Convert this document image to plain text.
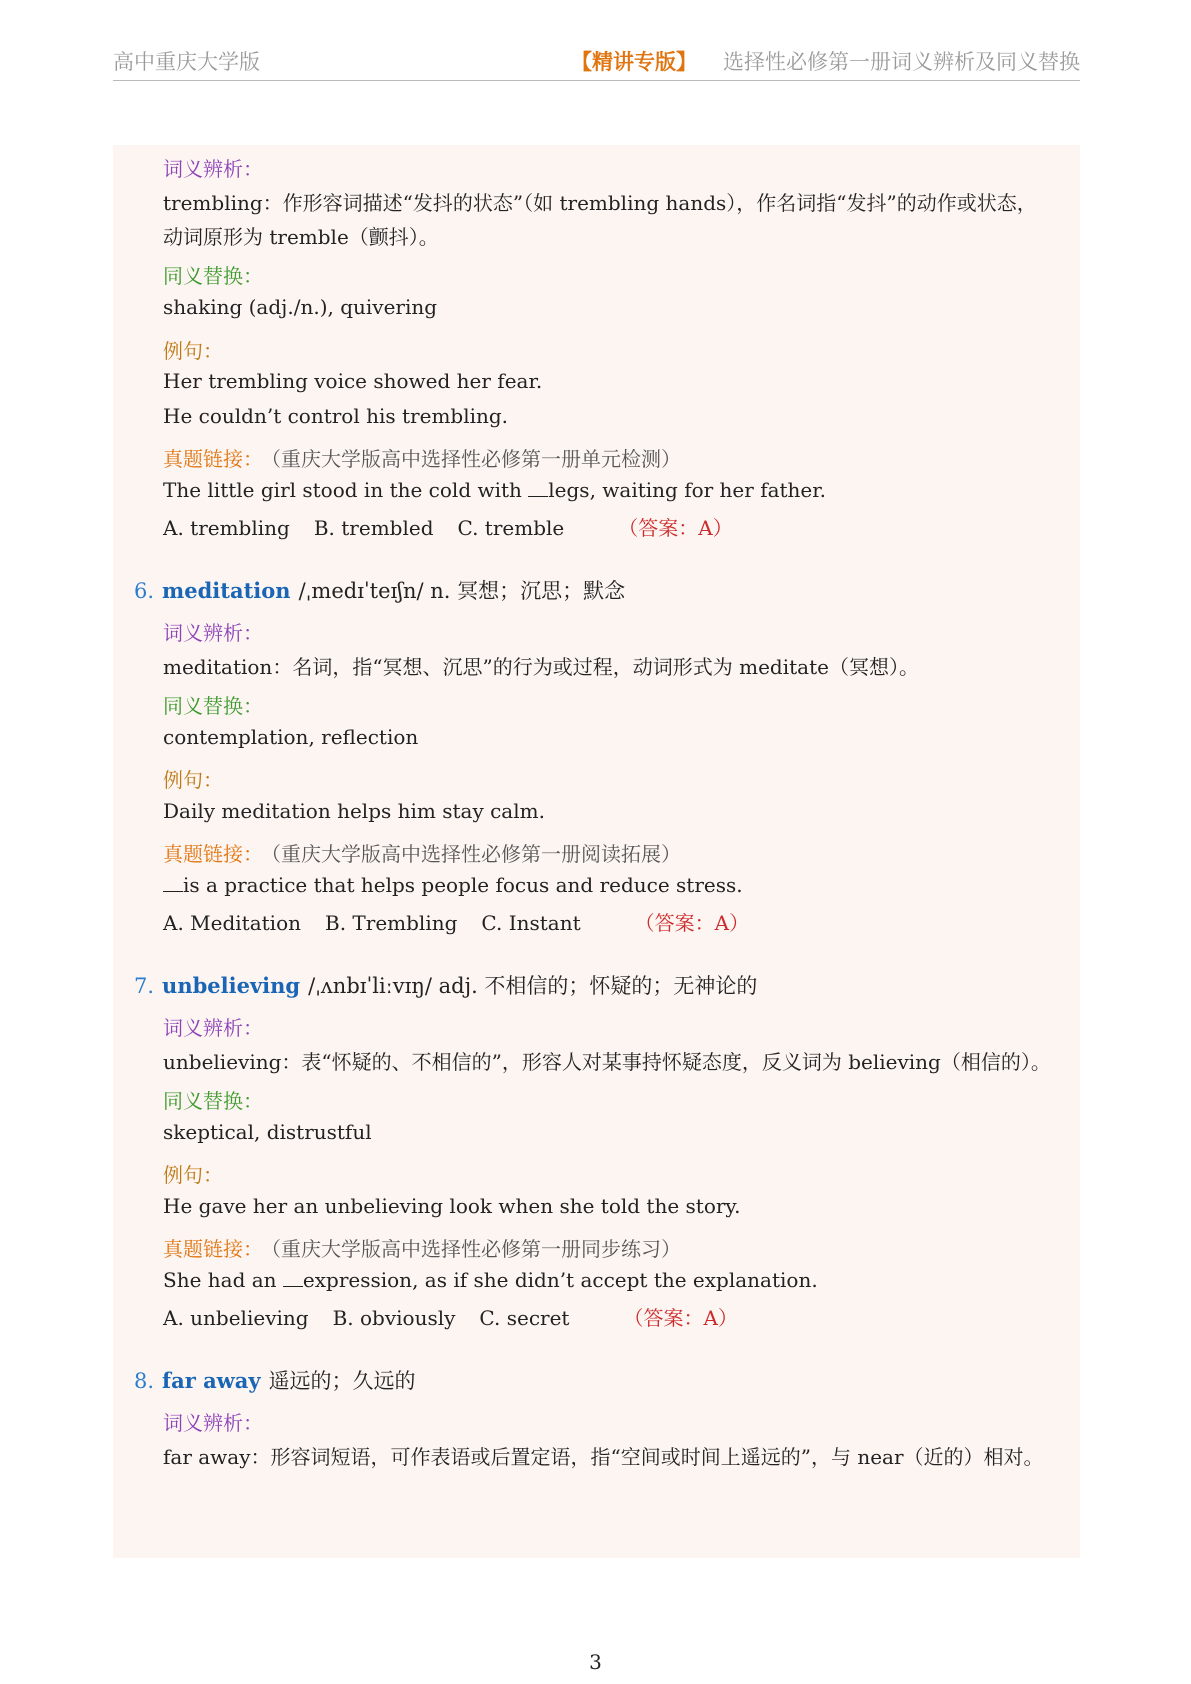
高中重庆大学版	【精讲专版】 选择性必修第一册词义辨析及同义替换
词义辨析：
trembling：作形容词描述“发抖的状态”（如 trembling hands），作名词指“发抖”的动作或状态，
动词原形为 tremble（颤抖）。
同义替换：
shaking (adj./n.), quivering
例句：
Her trembling voice showed her fear.
He couldn’t control his trembling.
真题链接： （重庆大学版高中选择性必修第一册单元检测）
The little girl stood in the cold with legs, waiting for her father.
A. trembling B. trembled C. tremble	（答案：A）
6. meditation /ˌmedɪˈteɪʃn/ n. 冥想；沉思；默念
词义辨析：
meditation：名词，指“冥想、沉思”的行为或过程，动词形式为 meditate（冥想）。
同义替换：
contemplation, reflection
例句：
Daily meditation helps him stay calm.
真题链接： （重庆大学版高中选择性必修第一册阅读拓展）
is a practice that helps people focus and reduce stress.
A. Meditation B. Trembling C. Instant	（答案：A）
7. unbelieving /ˌʌnbɪˈliːvɪŋ/ adj. 不相信的；怀疑的；无神论的
词义辨析：
unbelieving：表“怀疑的、不相信的”，形容人对某事持怀疑态度，反义词为 believing（相信的）。
同义替换：
skeptical, distrustful
例句：
He gave her an unbelieving look when she told the story.
真题链接： （重庆大学版高中选择性必修第一册同步练习）
She had an expression, as if she didn’t accept the explanation.
A. unbelieving B. obviously C. secret	（答案：A）
8. far away 遥远的；久远的
词义辨析：
far away：形容词短语，可作表语或后置定语，指“空间或时间上遥远的”，与 near（近的）相对。
3
